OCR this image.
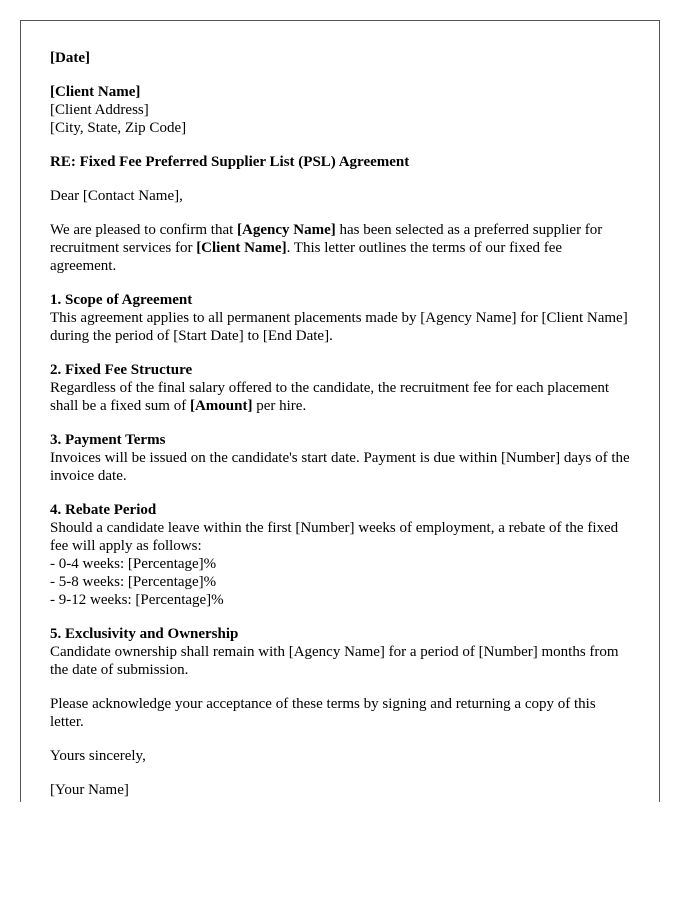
[Date]

[Client Name]
[Client Address]
[City, State, Zip Code]

RE: Fixed Fee Preferred Supplier List (PSL) Agreement

Dear [Contact Name],

We are pleased to confirm that [Agency Name] has been selected as a preferred supplier for recruitment services for [Client Name]. This letter outlines the terms of our fixed fee agreement.

1. Scope of Agreement
This agreement applies to all permanent placements made by [Agency Name] for [Client Name] during the period of [Start Date] to [End Date].

2. Fixed Fee Structure
Regardless of the final salary offered to the candidate, the recruitment fee for each placement shall be a fixed sum of [Amount] per hire.

3. Payment Terms
Invoices will be issued on the candidate's start date. Payment is due within [Number] days of the invoice date.

4. Rebate Period
Should a candidate leave within the first [Number] weeks of employment, a rebate of the fixed fee will apply as follows:
- 0-4 weeks: [Percentage]%
- 5-8 weeks: [Percentage]%
- 9-12 weeks: [Percentage]%

5. Exclusivity and Ownership
Candidate ownership shall remain with [Agency Name] for a period of [Number] months from the date of submission.

Please acknowledge your acceptance of these terms by signing and returning a copy of this letter.

Yours sincerely,

[Your Name]
